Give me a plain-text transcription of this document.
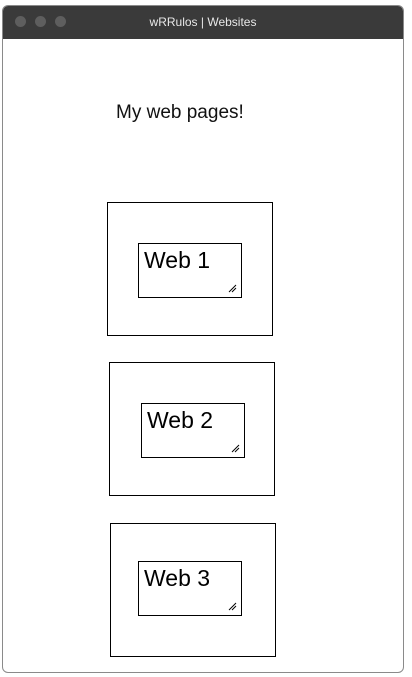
wRRulos | Websites
My web pages!
Web 1
Web 2
Web 3
